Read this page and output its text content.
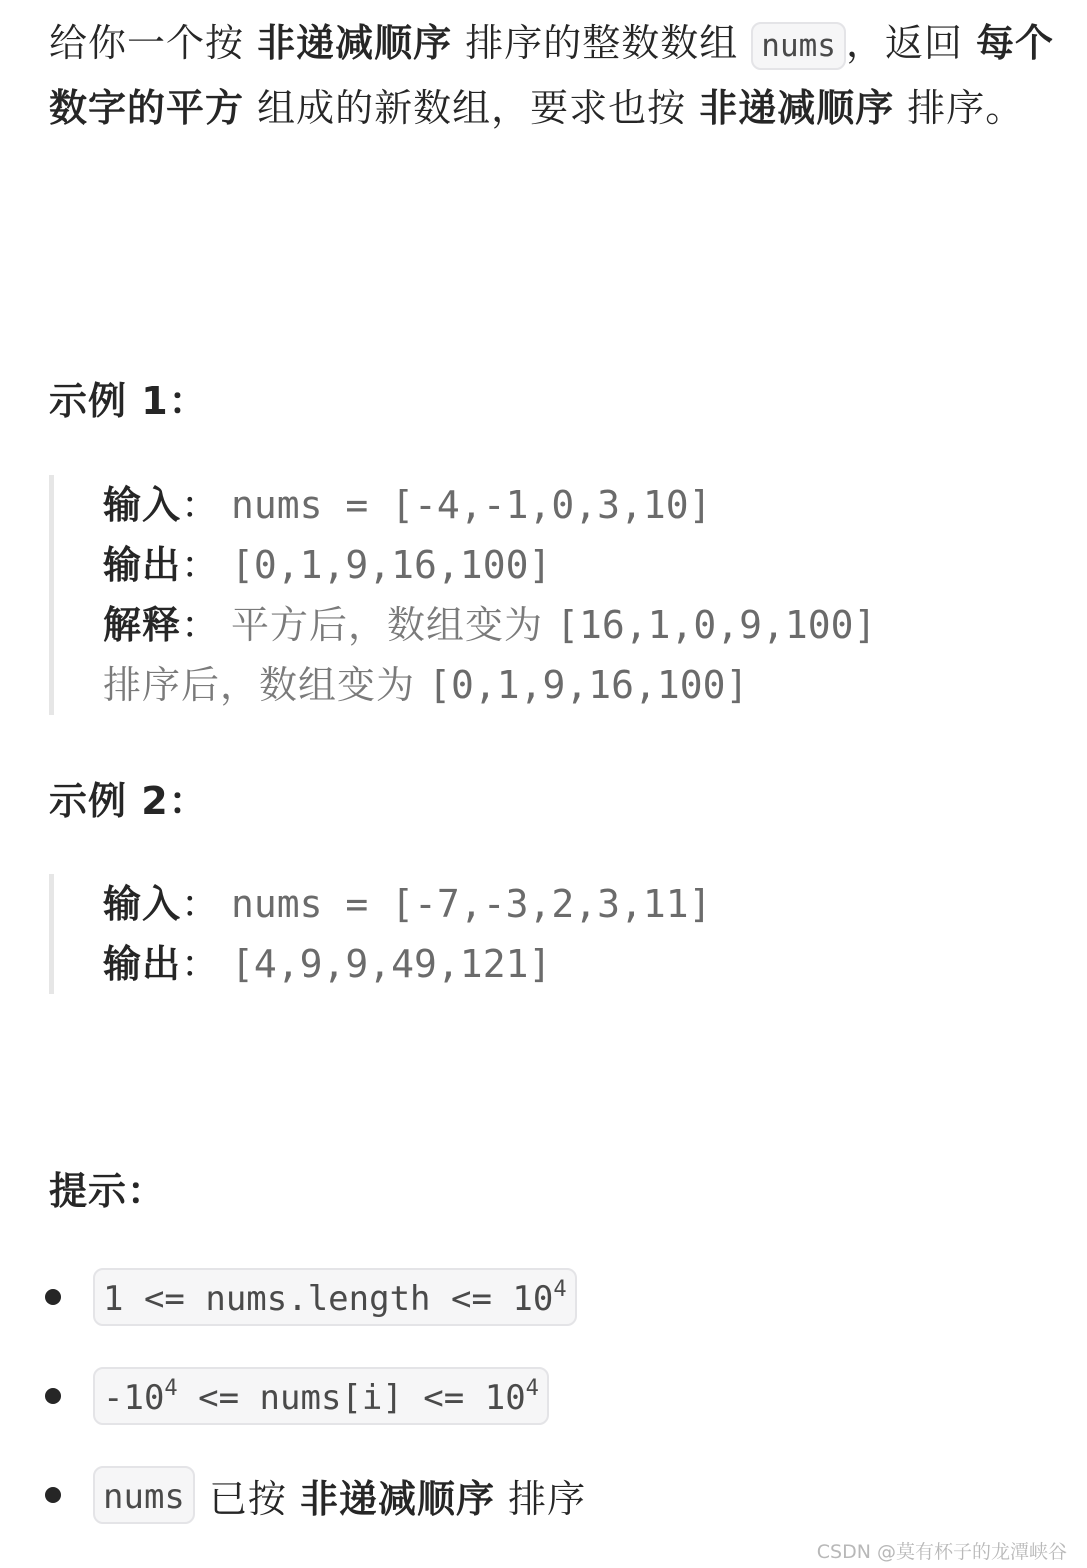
给你一个按 非递减顺序 排序的整数数组 nums ，返回 每个数字的平方 组成的新数组，要求也按 非递减顺序 排序。
示例 1：
输入： nums = [-4,-1,0,3,10]
输出： [0,1,9,16,100]
解释： 平方后，数组变为 [16,1,0,9,100]
排序后，数组变为 [0,1,9,16,100]
示例 2：
输入： nums = [-7,-3,2,3,11]
输出： [4,9,9,49,121]
提示：
1 <= nums.length <= $10^4$
$-10^4$ <= nums[i] <= $10^4$
nums 已按 非递减顺序 排序
CSDN @莫有杯子的龙潭峡谷
